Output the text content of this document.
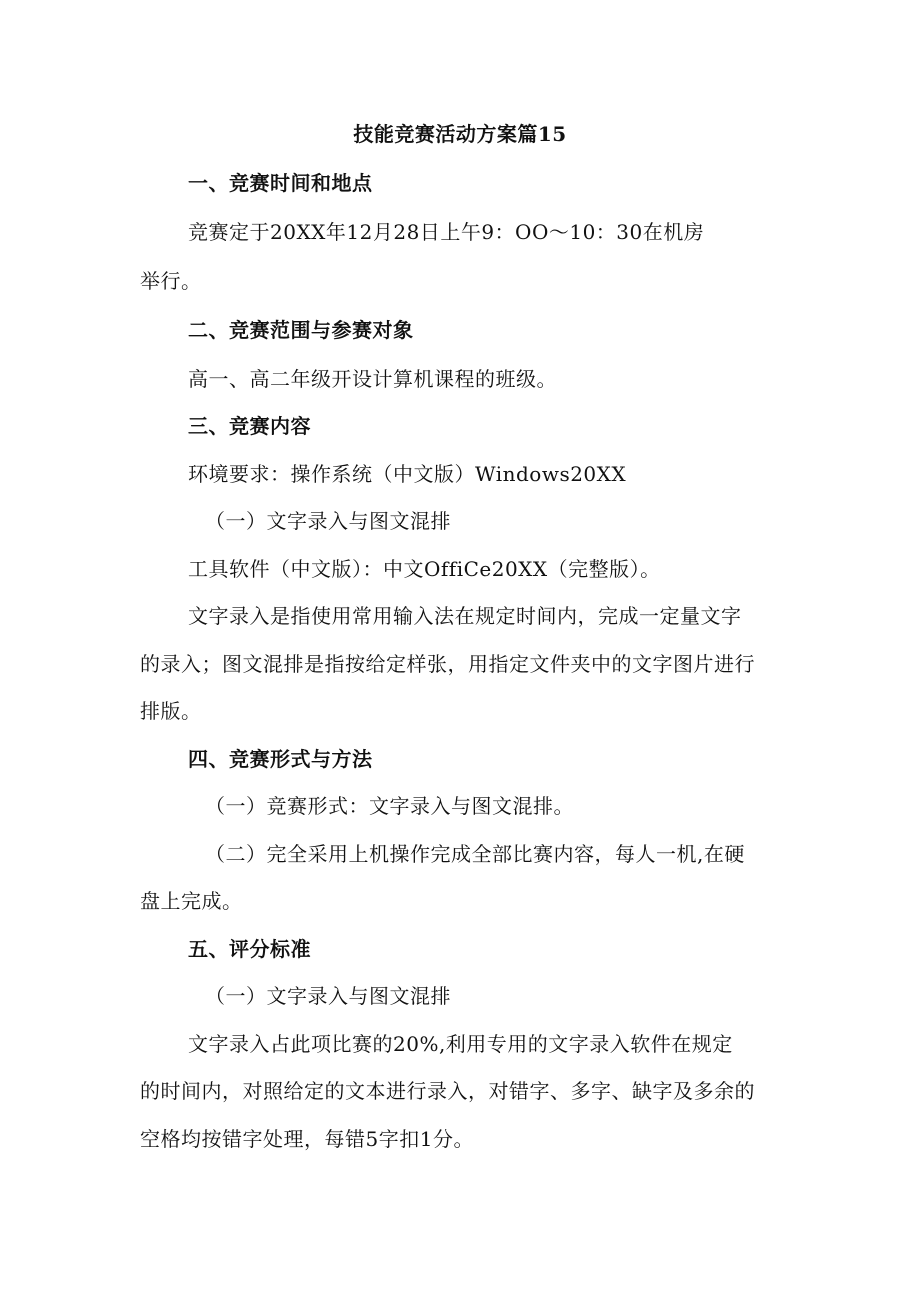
技能竞赛活动方案篇15
一、竞赛时间和地点
竞赛定于20XX年12月28日上午9：OO～10：30在机房
举行。
二、竞赛范围与参赛对象
高一、高二年级开设计算机课程的班级。
三、竞赛内容
环境要求：操作系统（中文版）Windows20XX
（一）文字录入与图文混排
工具软件（中文版）：中文OffiCe20XX（完整版）。
文字录入是指使用常用输入法在规定时间内，完成一定量文字
的录入；图文混排是指按给定样张，用指定文件夹中的文字图片进行
排版。
四、竞赛形式与方法
（一）竞赛形式：文字录入与图文混排。
（二）完全采用上机操作完成全部比赛内容，每人一机,在硬
盘上完成。
五、评分标准
（一）文字录入与图文混排
文字录入占此项比赛的20%,利用专用的文字录入软件在规定
的时间内，对照给定的文本进行录入，对错字、多字、缺字及多余的
空格均按错字处理，每错5字扣1分。
